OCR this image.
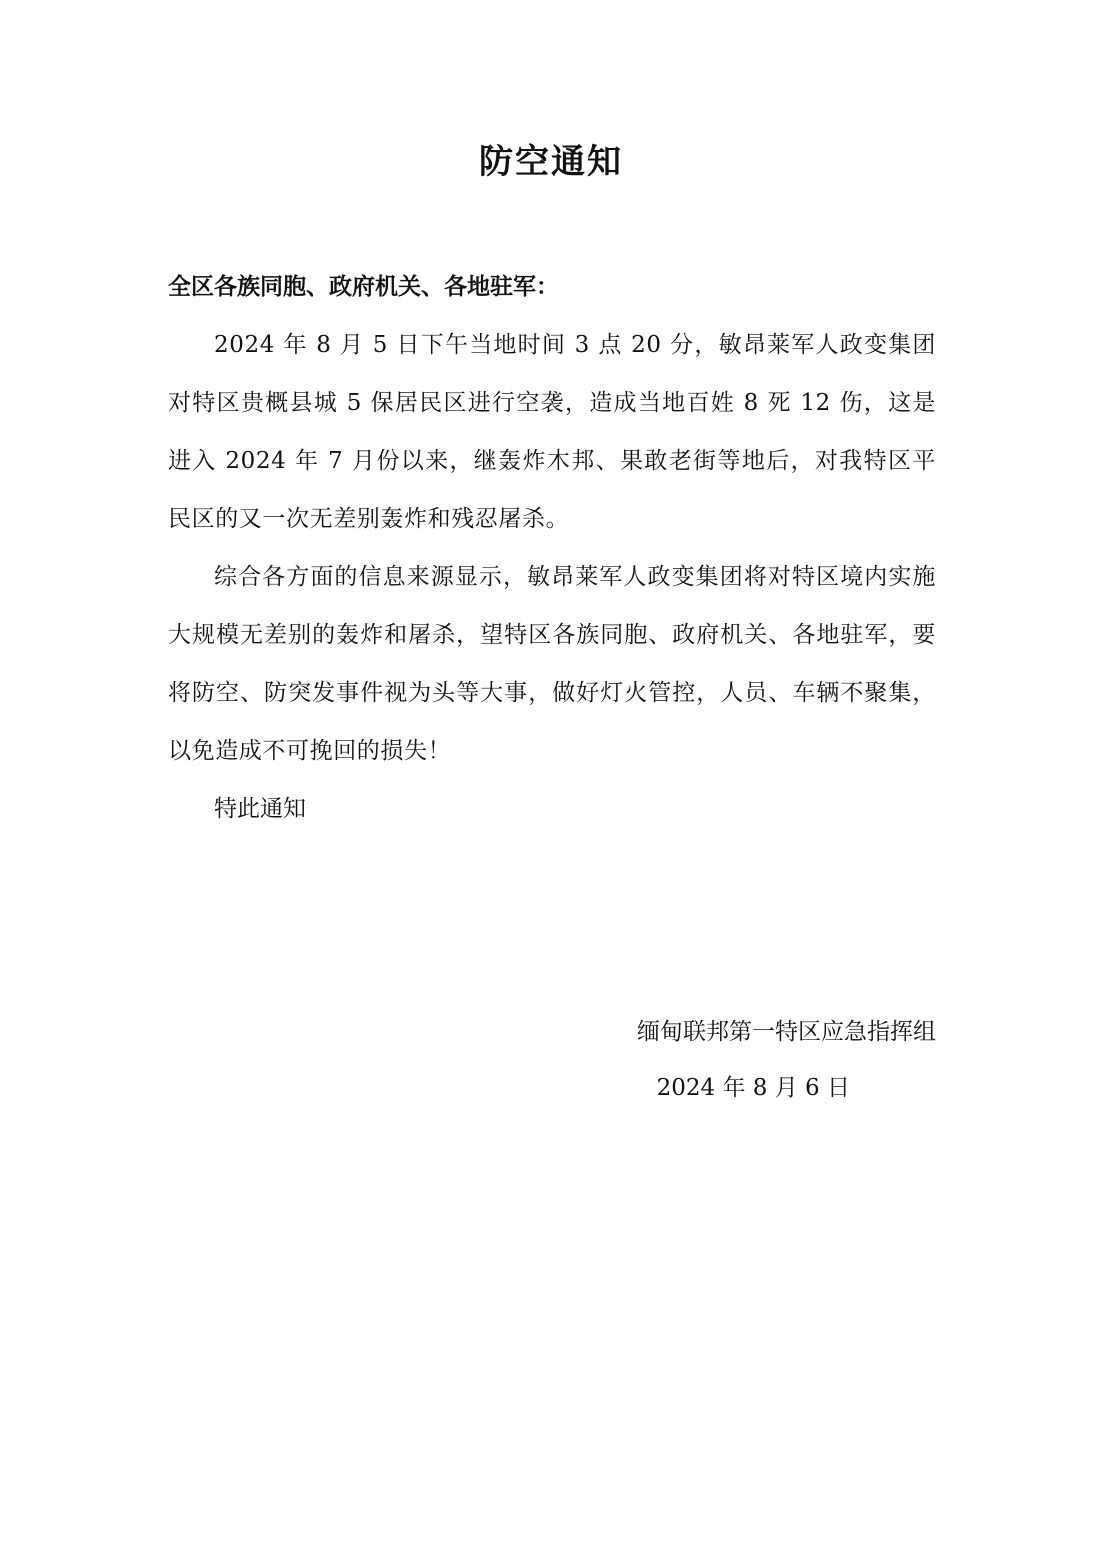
防空通知

全区各族同胞、政府机关、各地驻军：

2024 年 8 月 5 日下午当地时间 3 点 20 分，敏昂莱军人政变集团对特区贵概县城 5 保居民区进行空袭，造成当地百姓 8 死 12 伤，这是进入 2024 年 7 月份以来，继轰炸木邦、果敢老街等地后，对我特区平民区的又一次无差别轰炸和残忍屠杀。

综合各方面的信息来源显示，敏昂莱军人政变集团将对特区境内实施大规模无差别的轰炸和屠杀，望特区各族同胞、政府机关、各地驻军，要将防空、防突发事件视为头等大事，做好灯火管控，人员、车辆不聚集，以免造成不可挽回的损失！

特此通知

缅甸联邦第一特区应急指挥组

2024 年 8 月 6 日
